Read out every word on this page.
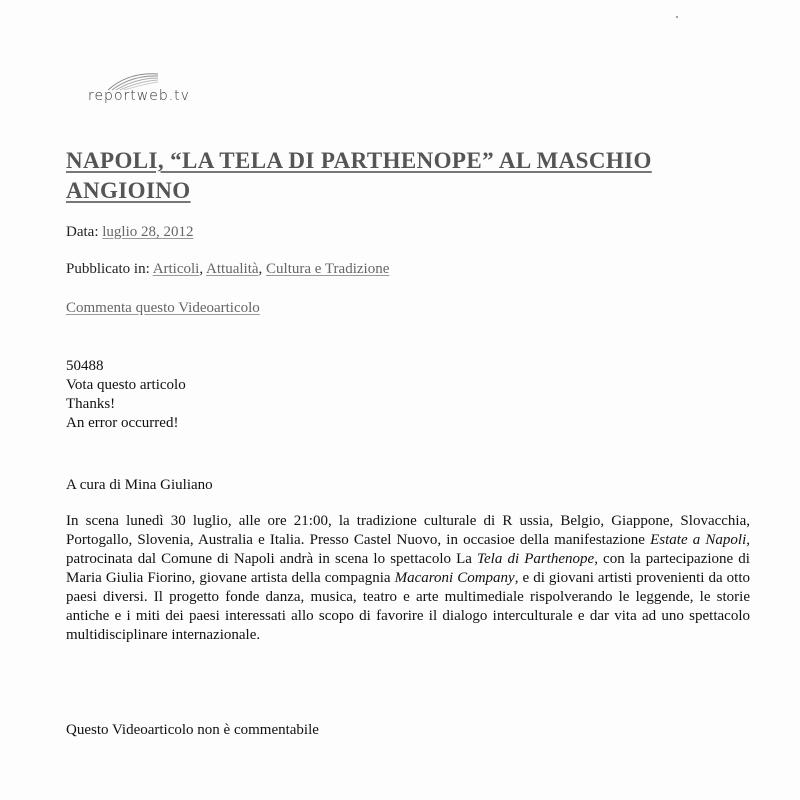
reportweb.tv
NAPOLI, “LA TELA DI PARTHENOPE” AL MASCHIO ANGIOINO
Data: luglio 28, 2012
Pubblicato in: Articoli, Attualità, Cultura e Tradizione
Commenta questo Videoarticolo
50488
Vota questo articolo
Thanks!
An error occurred!
A cura di Mina Giuliano

In scena lunedì 30 luglio, alle ore 21:00, la tradizione culturale di R ussia, Belgio, Giappone, Slovacchia, Portogallo, Slovenia, Australia e Italia. Presso Castel Nuovo, in occasioe della manifestazione Estate a Napoli, patrocinata dal Comune di Napoli andrà in scena lo spettacolo La Tela di Parthenope, con la partecipazione di Maria Giulia Fiorino, giovane artista della compagnia Macaroni Company, e di giovani artisti provenienti da otto paesi diversi. Il progetto fonde danza, musica, teatro e arte multimediale rispolverando le leggende, le storie antiche e i miti dei paesi interessati allo scopo di favorire il dialogo interculturale e dar vita ad uno spettacolo multidisciplinare internazionale.

Questo Videoarticolo non è commentabile
